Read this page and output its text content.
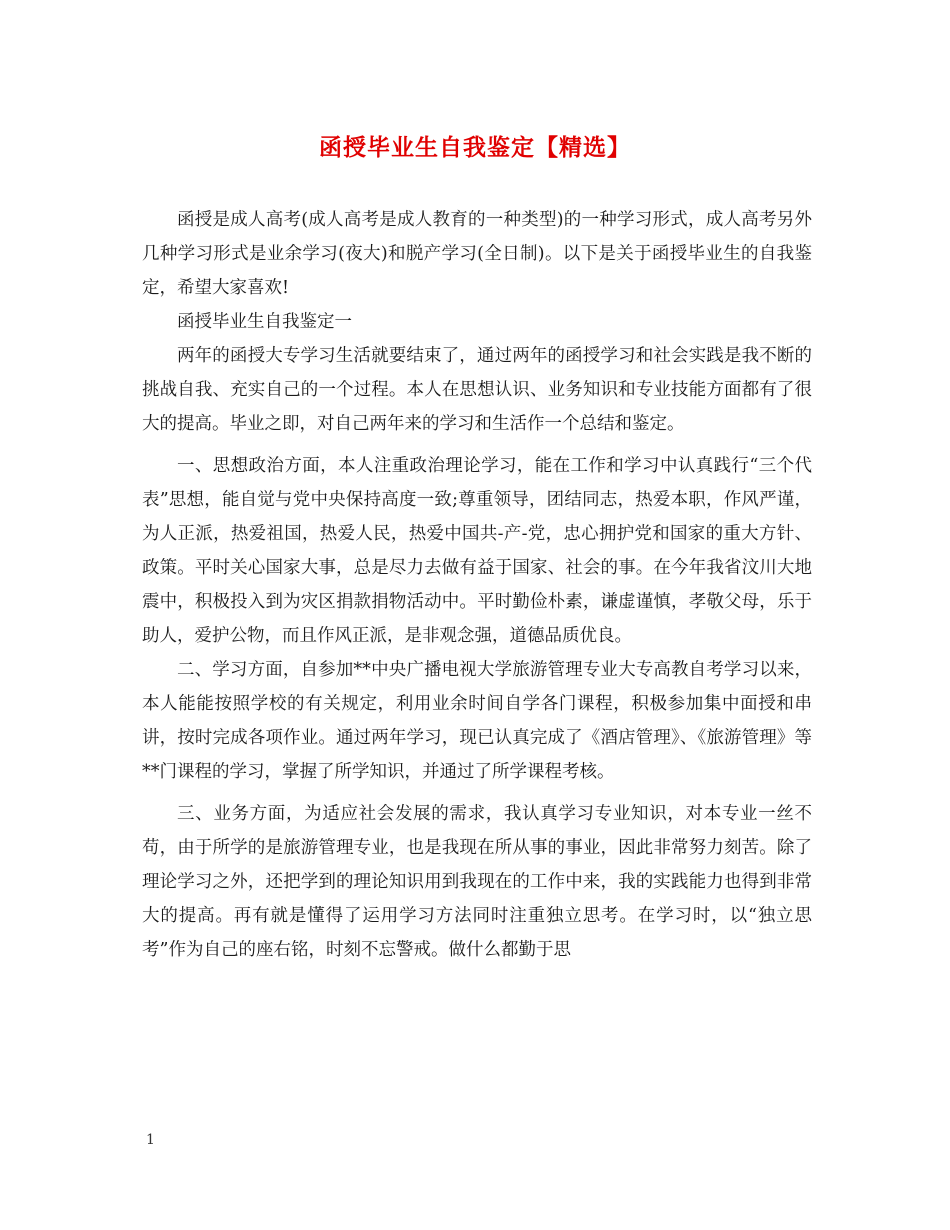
函授毕业生自我鉴定【精选】

函授是成人高考(成人高考是成人教育的一种类型)的一种学习形式，成人高考另外几种学习形式是业余学习(夜大)和脱产学习(全日制)。以下是关于函授毕业生的自我鉴定，希望大家喜欢!

函授毕业生自我鉴定一

两年的函授大专学习生活就要结束了，通过两年的函授学习和社会实践是我不断的挑战自我、充实自己的一个过程。本人在思想认识、业务知识和专业技能方面都有了很大的提高。毕业之即，对自己两年来的学习和生活作一个总结和鉴定。

一、思想政治方面，本人注重政治理论学习，能在工作和学习中认真践行“三个代表”思想，能自觉与党中央保持高度一致;尊重领导，团结同志，热爱本职，作风严谨，为人正派，热爱祖国，热爱人民，热爱中国共-产-党，忠心拥护党和国家的重大方针、政策。平时关心国家大事，总是尽力去做有益于国家、社会的事。在今年我省汶川大地震中，积极投入到为灾区捐款捐物活动中。平时勤俭朴素，谦虚谨慎，孝敬父母，乐于助人，爱护公物，而且作风正派，是非观念强，道德品质优良。

二、学习方面，自参加**中央广播电视大学旅游管理专业大专高教自考学习以来，本人能能按照学校的有关规定，利用业余时间自学各门课程，积极参加集中面授和串讲，按时完成各项作业。通过两年学习，现已认真完成了《酒店管理》、《旅游管理》等**门课程的学习，掌握了所学知识，并通过了所学课程考核。

三、业务方面，为适应社会发展的需求，我认真学习专业知识，对本专业一丝不苟，由于所学的是旅游管理专业，也是我现在所从事的事业，因此非常努力刻苦。除了理论学习之外，还把学到的理论知识用到我现在的工作中来，我的实践能力也得到非常大的提高。再有就是懂得了运用学习方法同时注重独立思考。在学习时，以“独立思考”作为自己的座右铭，时刻不忘警戒。做什么都勤于思

1
